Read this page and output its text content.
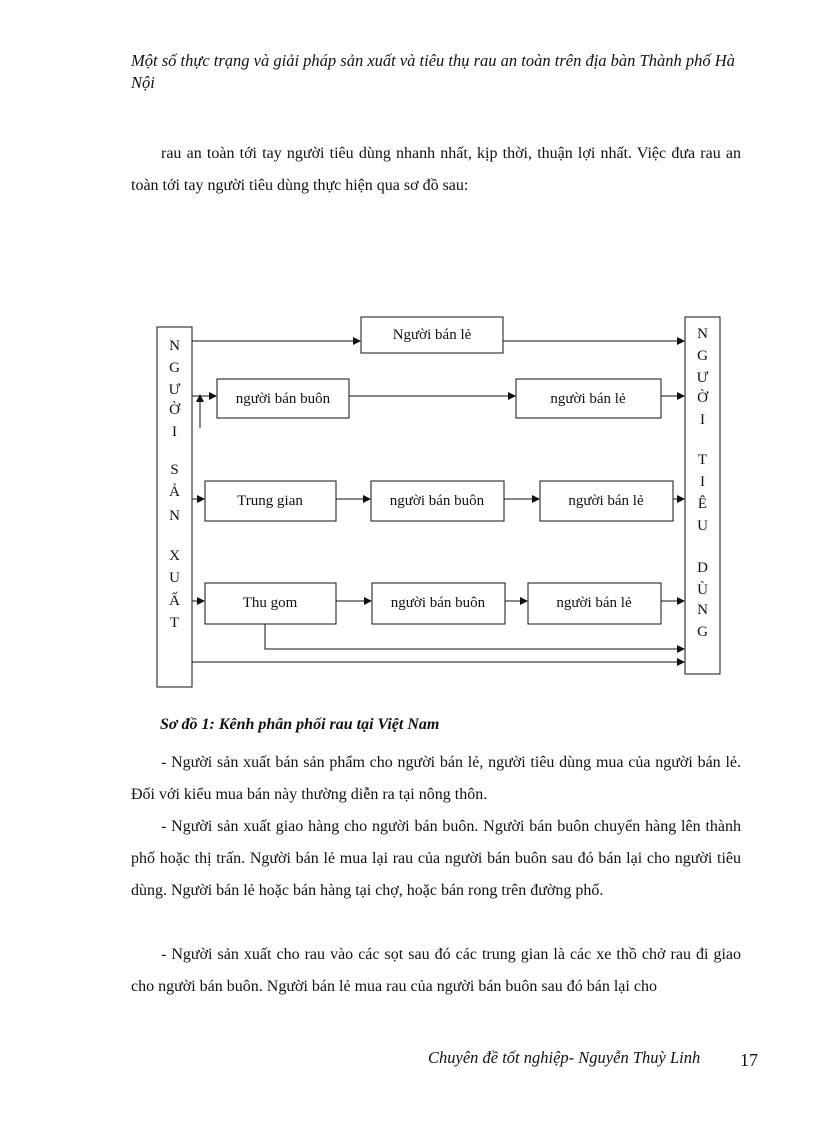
Một số thực trạng và giải pháp sản xuất và tiêu thụ rau an toàn trên địa bàn Thành phố Hà Nội
rau an toàn tới tay người tiêu dùng nhanh nhất, kịp thời, thuận lợi nhất. Việc đưa rau an toàn tới tay người tiêu dùng thực hiện qua sơ đồ sau:
N
G
Ư
Ờ
I
S
Ả
N
X
U
Ấ
T
N
G
Ư
Ờ
I
T
I
Ê
U
D
Ù
N
G
Người bán lẻ
người bán buôn	người bán lẻ
Trung gian	người bán buôn	người bán lẻ
Thu gom	người bán buôn	người bán lẻ
Sơ đồ 1: Kênh phân phối rau tại Việt Nam
- Người sản xuất bán sản phẩm cho người bán lẻ, người tiêu dùng mua của người bán lẻ. Đối với kiểu mua bán này thường diễn ra tại nông thôn.
- Người sản xuất giao hàng cho người bán buôn. Người bán buôn chuyển hàng lên thành phố hoặc thị trấn. Người bán lẻ mua lại rau của người bán buôn sau đó bán lại cho người tiêu dùng. Người bán lẻ hoặc bán hàng tại chợ, hoặc bán rong trên đường phố.
- Người sản xuất cho rau vào các sọt sau đó các trung gian là các xe thồ chở rau đi giao cho người bán buôn. Người bán lẻ mua rau của người bán buôn sau đó bán lại cho
Chuyên đề tốt nghiệp- Nguyễn Thuỳ Linh 17
